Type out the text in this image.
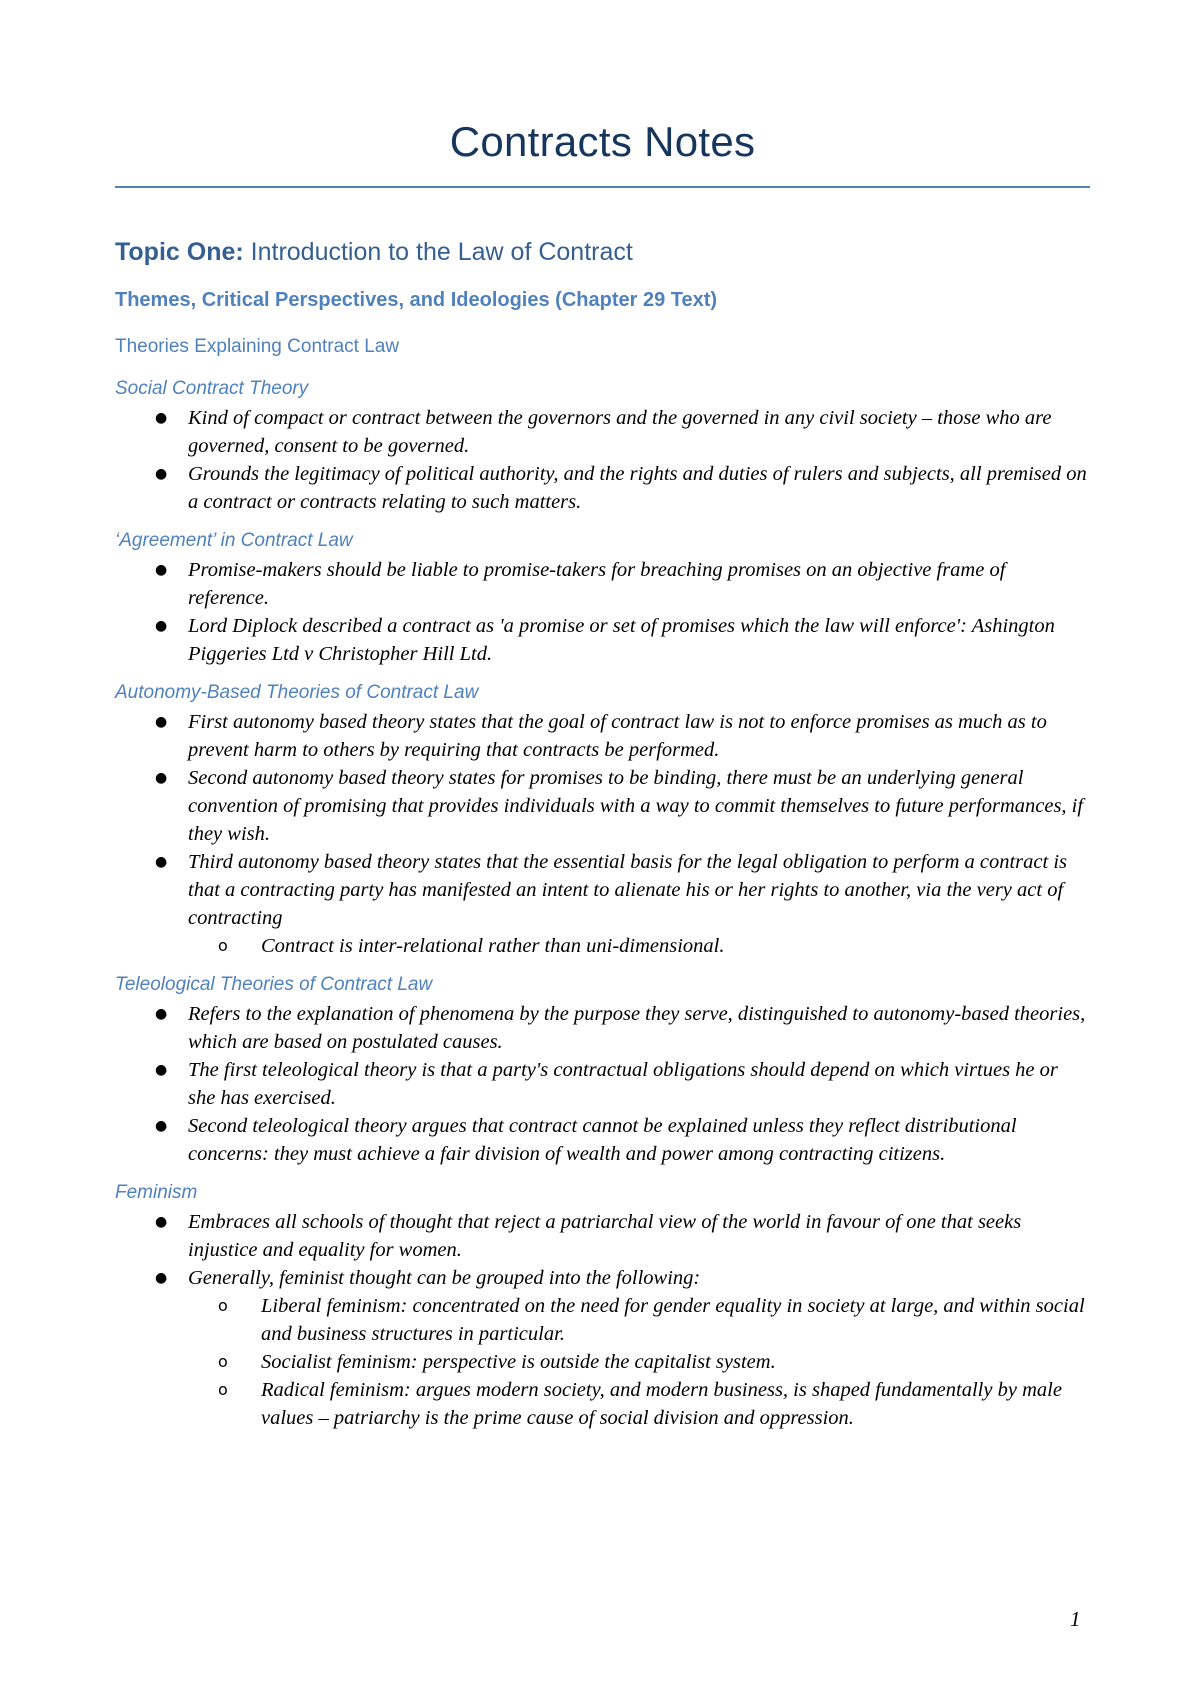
Contracts Notes
Topic One: Introduction to the Law of Contract
Themes, Critical Perspectives, and Ideologies (Chapter 29 Text)
Theories Explaining Contract Law
Social Contract Theory
● Kind of compact or contract between the governors and the governed in any civil society – those who are governed, consent to be governed.
● Grounds the legitimacy of political authority, and the rights and duties of rulers and subjects, all premised on a contract or contracts relating to such matters.
‘Agreement’ in Contract Law
● Promise-makers should be liable to promise-takers for breaching promises on an objective frame of reference.
● Lord Diplock described a contract as 'a promise or set of promises which the law will enforce': Ashington Piggeries Ltd v Christopher Hill Ltd.
Autonomy-Based Theories of Contract Law
● First autonomy based theory states that the goal of contract law is not to enforce promises as much as to prevent harm to others by requiring that contracts be performed.
● Second autonomy based theory states for promises to be binding, there must be an underlying general convention of promising that provides individuals with a way to commit themselves to future performances, if they wish.
● Third autonomy based theory states that the essential basis for the legal obligation to perform a contract is that a contracting party has manifested an intent to alienate his or her rights to another, via the very act of contracting
o Contract is inter-relational rather than uni-dimensional.
Teleological Theories of Contract Law
● Refers to the explanation of phenomena by the purpose they serve, distinguished to autonomy-based theories, which are based on postulated causes.
● The first teleological theory is that a party's contractual obligations should depend on which virtues he or she has exercised.
● Second teleological theory argues that contract cannot be explained unless they reflect distributional concerns: they must achieve a fair division of wealth and power among contracting citizens.
Feminism
● Embraces all schools of thought that reject a patriarchal view of the world in favour of one that seeks injustice and equality for women.
● Generally, feminist thought can be grouped into the following:
o Liberal feminism: concentrated on the need for gender equality in society at large, and within social and business structures in particular.
o Socialist feminism: perspective is outside the capitalist system.
o Radical feminism: argues modern society, and modern business, is shaped fundamentally by male values – patriarchy is the prime cause of social division and oppression.
1
